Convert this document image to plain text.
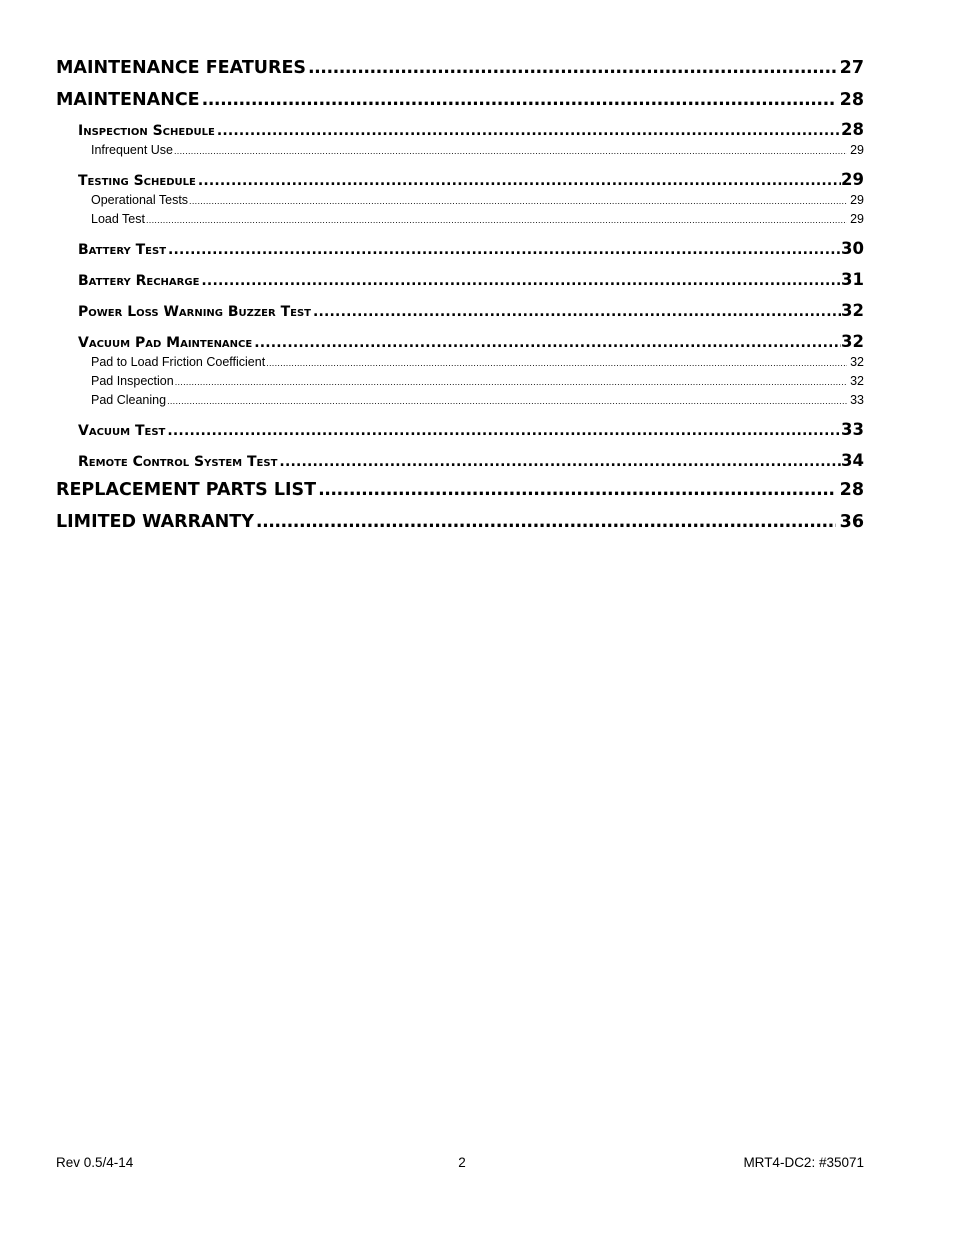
MAINTENANCE FEATURES .....	27
MAINTENANCE .....	28
Inspection Schedule .....	28
Infrequent Use .....	29
Testing Schedule .....	29
Operational Tests .....	29
Load Test .....	29
Battery Test .....	30
Battery Recharge .....	31
Power Loss Warning Buzzer Test .....	32
Vacuum Pad Maintenance .....	32
Pad to Load Friction Coefficient .....	32
Pad Inspection .....	32
Pad Cleaning .....	33
Vacuum Test .....	33
Remote Control System Test .....	34
REPLACEMENT PARTS LIST .....	28
LIMITED WARRANTY .....	36
Rev 0.5/4-14	2	MRT4-DC2: #35071
